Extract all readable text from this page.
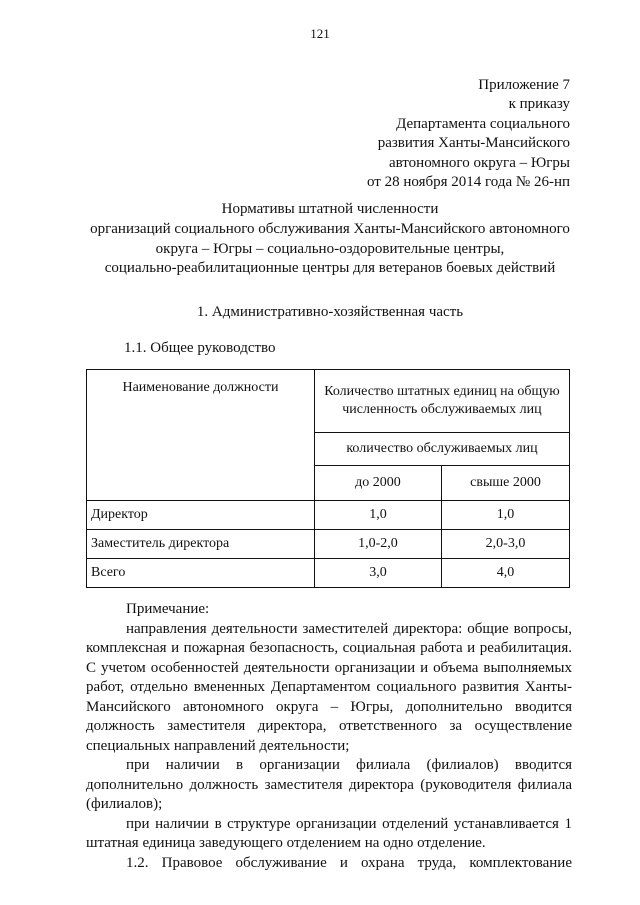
121
Приложение 7
к приказу
Департамента социального
развития Ханты-Мансийского
автономного округа – Югры
от 28 ноября 2014 года № 26-нп
Нормативы штатной численности
организаций социального обслуживания Ханты-Мансийского автономного
округа – Югры – социально-оздоровительные центры,
социально-реабилитационные центры для ветеранов боевых действий
1. Административно-хозяйственная часть
1.1. Общее руководство
Наименование должности	Количество штатных единиц на общую численность обслуживаемых лиц	
	количество обслуживаемых лиц	
	до 2000	свыше 2000
Директор	1,0	1,0
Заместитель директора	1,0-2,0	2,0-3,0
Всего	3,0	4,0

Примечание:

направления деятельности заместителей директора: общие вопросы, комплексная и пожарная безопасность, социальная работа и реабилитация. С учетом особенностей деятельности организации и объема выполняемых работ, отдельно вмененных Департаментом социального развития Ханты-Мансийского автономного округа – Югры, дополнительно вводится должность заместителя директора, ответственного за осуществление специальных направлений деятельности;

при наличии в организации филиала (филиалов) вводится дополнительно должность заместителя директора (руководителя филиала (филиалов);

при наличии в структуре организации отделений устанавливается 1 штатная единица заведующего отделением на одно отделение.

1.2. Правовое обслуживание и охрана труда, комплектование
